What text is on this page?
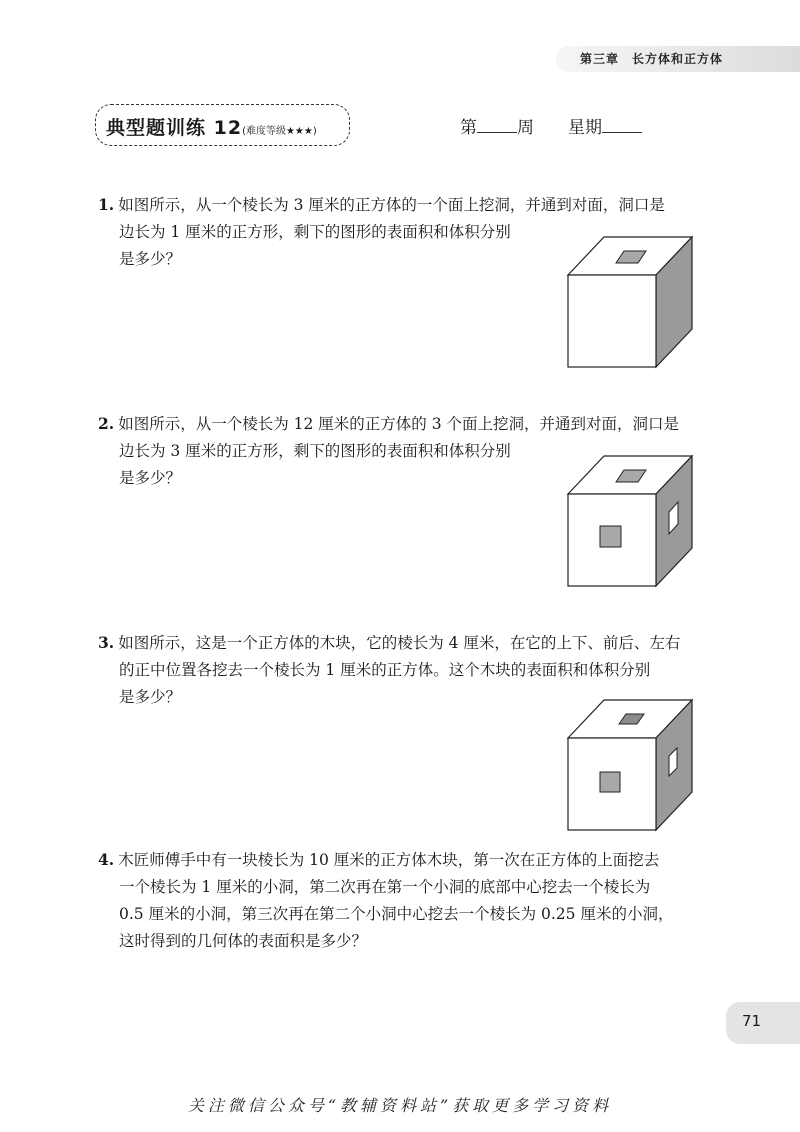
第三章　长方体和正方体
典型题训练 12(难度等级★★★)	第 周 星期
1. 如图所示，从一个棱长为 3 厘米的正方体的一个面上挖洞，并通到对面，洞口是
边长为 1 厘米的正方形，剩下的图形的表面积和体积分别
是多少？
2. 如图所示，从一个棱长为 12 厘米的正方体的 3 个面上挖洞，并通到对面，洞口是
边长为 3 厘米的正方形，剩下的图形的表面积和体积分别
是多少？
3. 如图所示，这是一个正方体的木块，它的棱长为 4 厘米，在它的上下、前后、左右
的正中位置各挖去一个棱长为 1 厘米的正方体。这个木块的表面积和体积分别
是多少？
4. 木匠师傅手中有一块棱长为 10 厘米的正方体木块，第一次在正方体的上面挖去
一个棱长为 1 厘米的小洞，第二次再在第一个小洞的底部中心挖去一个棱长为
0.5 厘米的小洞，第三次再在第二个小洞中心挖去一个棱长为 0.25 厘米的小洞，
这时得到的几何体的表面积是多少？
71
关注微信公众号“教辅资料站”获取更多学习资料
